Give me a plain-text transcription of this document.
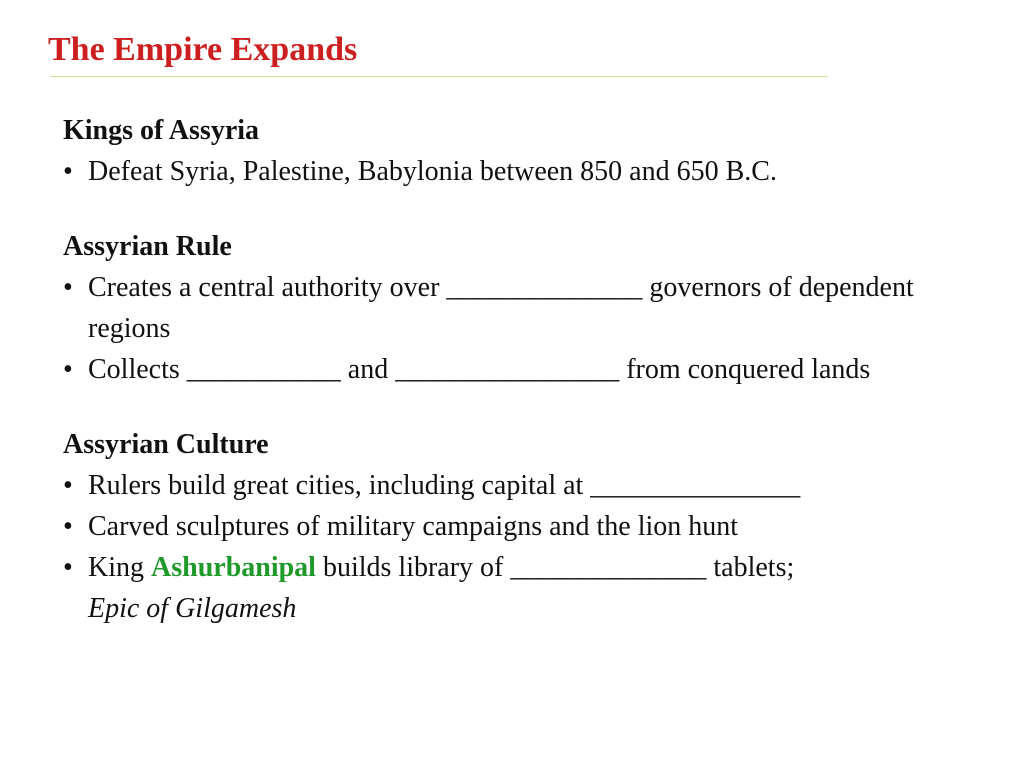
The Empire Expands
Kings of Assyria
• Defeat Syria, Palestine, Babylonia between 850 and 650 B.C.
Assyrian Rule
• Creates a central authority over ______________ governors of dependent regions
• Collects ___________ and ________________ from conquered lands
Assyrian Culture
• Rulers build great cities, including capital at _______________
• Carved sculptures of military campaigns and the lion hunt
• King Ashurbanipal builds library of ______________ tablets;
Epic of Gilgamesh
